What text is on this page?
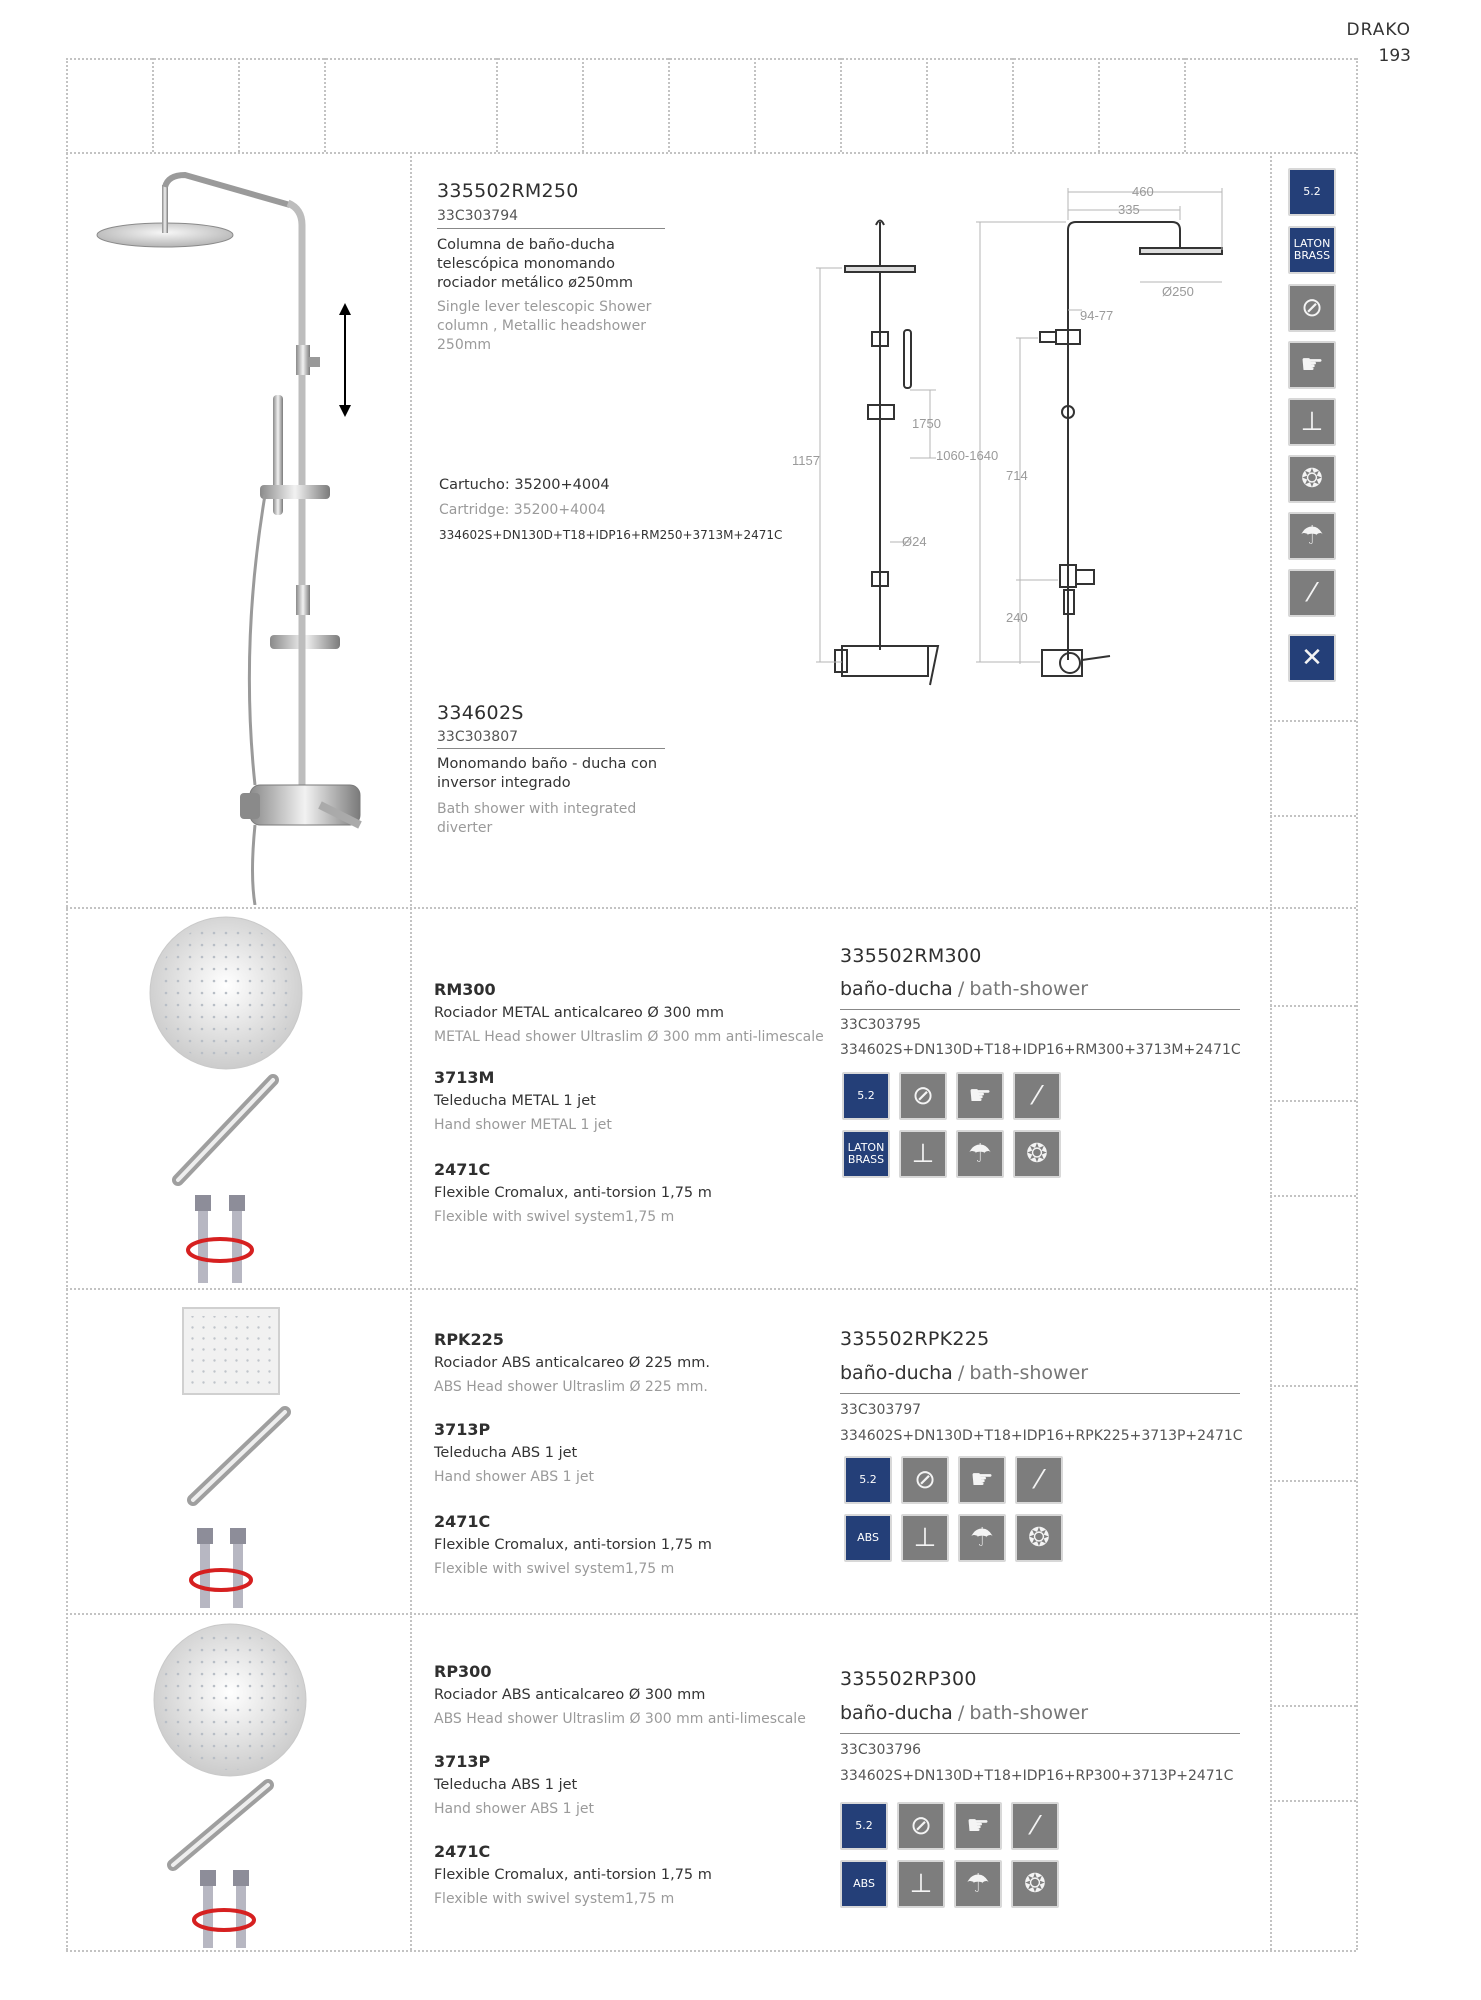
DRAKO
193
335502RM250
33C303794
Columna de baño-ducha
telescópica monomando
rociador metálico ø250mm
Single lever telescopic Shower
column , Metallic headshower
250mm
Cartucho: 35200+4004
Cartridge: 35200+4004
334602S+DN130D+T18+IDP16+RM250+3713M+2471C
334602S
33C303807
Monomando baño - ducha con
inversor integrado
Bath shower with integrated
diverter
460
335
Ø250
94-77
1750
1157	1060-1640
714
Ø24
240
5.2
LATON
BRASS
⊘
☛
⊥
❂
☂
⁄
✕
RM300
Rociador METAL anticalcareo Ø 300 mm
METAL Head shower Ultraslim Ø 300 mm anti-limescale
3713M
Teleducha METAL 1 jet
Hand shower METAL 1 jet
2471C
Flexible Cromalux, anti-torsion 1,75 m
Flexible with swivel system1,75 m
335502RM300
baño-ducha / bath-shower
33C303795
334602S+DN130D+T18+IDP16+RM300+3713M+2471C
5.2 ⊘ ☛ ⁄
LATON
BRASS ⊥ ☂ ❂
RPK225
Rociador ABS anticalcareo Ø 225 mm.
ABS Head shower Ultraslim Ø 225 mm.
3713P
Teleducha ABS 1 jet
Hand shower ABS 1 jet
2471C
Flexible Cromalux, anti-torsion 1,75 m
Flexible with swivel system1,75 m
335502RPK225
baño-ducha / bath-shower
33C303797
334602S+DN130D+T18+IDP16+RPK225+3713P+2471C
5.2 ⊘ ☛ ⁄
ABS ⊥ ☂ ❂
RP300
Rociador ABS anticalcareo Ø 300 mm
ABS Head shower Ultraslim Ø 300 mm anti-limescale
3713P
Teleducha ABS 1 jet
Hand shower ABS 1 jet
2471C
Flexible Cromalux, anti-torsion 1,75 m
Flexible with swivel system1,75 m
335502RP300
baño-ducha / bath-shower
33C303796
334602S+DN130D+T18+IDP16+RP300+3713P+2471C
5.2 ⊘ ☛ ⁄
ABS ⊥ ☂ ❂
